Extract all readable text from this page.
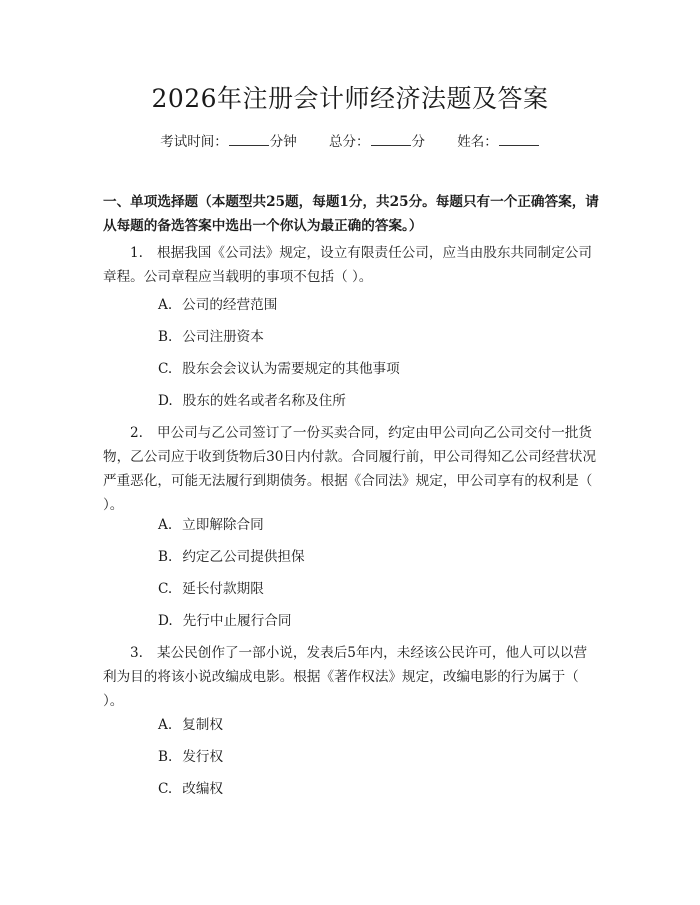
2026年注册会计师经济法题及答案
考试时间：	分钟 总分：	分 姓名：
一、单项选择题（本题型共25题，每题1分，共25分。每题只有一个正确答案，请从每题的备选答案中选出一个你认为最正确的答案。）
1. 根据我国《公司法》规定，设立有限责任公司，应当由股东共同制定公司章程。公司章程应当载明的事项不包括（ ）。
A. 公司的经营范围
B. 公司注册资本
C. 股东会会议认为需要规定的其他事项
D. 股东的姓名或者名称及住所
2. 甲公司与乙公司签订了一份买卖合同，约定由甲公司向乙公司交付一批货物，乙公司应于收到货物后30日内付款。合同履行前，甲公司得知乙公司经营状况严重恶化，可能无法履行到期债务。根据《合同法》规定，甲公司享有的权利是（ ）。
A. 立即解除合同
B. 约定乙公司提供担保
C. 延长付款期限
D. 先行中止履行合同
3. 某公民创作了一部小说，发表后5年内，未经该公民许可，他人可以以营利为目的将该小说改编成电影。根据《著作权法》规定，改编电影的行为属于（ ）。
A. 复制权
B. 发行权
C. 改编权
